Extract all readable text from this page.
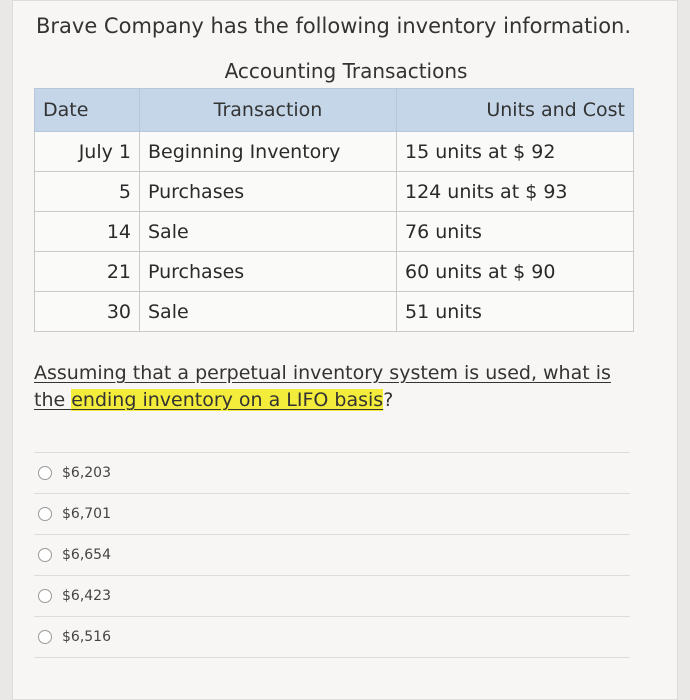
Brave Company has the following inventory information.
Accounting Transactions
Date	Transaction	Units and Cost
July 1	Beginning Inventory	15 units at $ 92
5	Purchases	124 units at $ 93
14	Sale	76 units
21	Purchases	60 units at $ 90
30	Sale	51 units

Assuming that a perpetual inventory system is used, what is
the ending inventory on a LIFO basis?

$6,203
$6,701
$6,654
$6,423
$6,516
